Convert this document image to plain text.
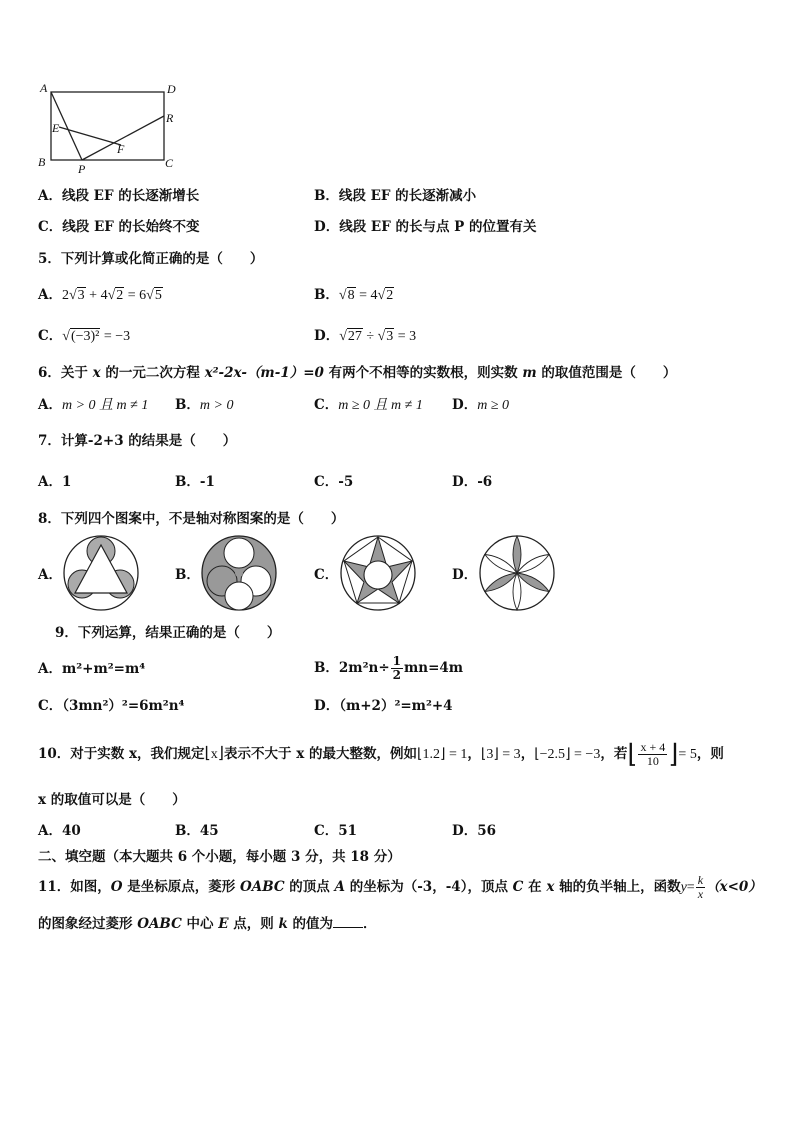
A	D
E
R
F
B	P	C
A．线段 EF 的长逐渐增长	B．线段 EF 的长逐渐减小
C．线段 EF 的长始终不变	D．线段 EF 的长与点 P 的位置有关
5．下列计算或化简正确的是（　　）
A．2√3 + 4√2 = 6√5	B．√8 = 4√2
C．√(−3)² = −3	D．√27 ÷ √3 = 3
6．关于 x 的一元二次方程 x²-2x-（m-1）=0 有两个不相等的实数根，则实数 m 的取值范围是（　　）
A．m > 0 且 m ≠ 1 B．m > 0	C．m ≥ 0 且 m ≠ 1 D．m ≥ 0
7．计算-2+3 的结果是（　　）
A．1	B．-1	C．-5	D．-6
8．下列四个图案中，不是轴对称图案的是（　　）
A．	B．	C．	D．
9．下列运算，结果正确的是（　　）
A．m²+m²=m⁴	B．$2m^2n\div \frac{1}{2} mn=4m$
C．（3mn²）²=6m²n⁴	D．（m+2）²=m²+4
10．对于实数 x，我们规定⌊x⌋表示不大于 x 的最大整数，例如⌊1.2⌋ = 1，⌊3⌋ = 3，⌊−2.5⌋ = −3，若⌊ $\frac{x + 4}{10}$ ⌋= 5，则
x 的取值可以是（　　）
A．40	B．45	C．51	D．56
二、填空题（本大题共 6 个小题，每小题 3 分，共 18 分）
11．如图，O 是坐标原点，菱形 OABC 的顶点 A 的坐标为（-3，-4），顶点 C 在 x 轴的负半轴上，函数$y= \frac{k}{x} (x<0)$
的图象经过菱形 OABC 中心 E 点，则 k 的值为 ．
